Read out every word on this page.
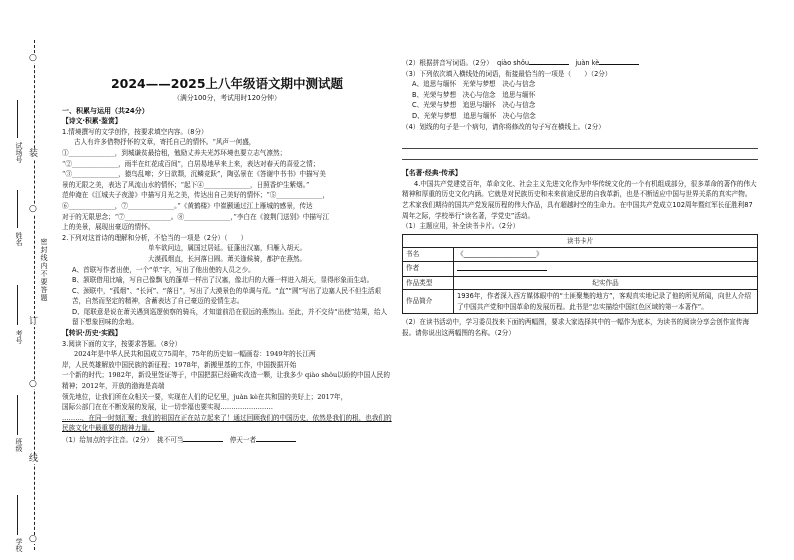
○
装
○
订
○
线
○
试场号
姓名
考号
班级
学校
密封线内不要答题
2024——2025上八年级语文期中测试题
（满分100分，考试用时120分钟）
一、积累与运用（共24分）
【诗文·积累·鉴赏】

1.情境撰写的文学创作，按要求填空内容。（8分）

古人有许多借物抒怀的文章，寄托自己的情怀。“风声一何盛，

①______________，到城谦贫最拾租，勉励丈养夫光苏环境也要立志气凛然；

“②______________，雨半在红花成百间”，白居易地早来上来，表达对春天的喜爱之情；

“③______________，猿鸟乱啼；夕日欲颓，沉鳞竞跃”，陶弘景在《答谢中书书》中描写美

景的无限之美，表达了风流山水的情怀；“起下④______________，日照香炉生紫烟。”

范仲淹在《江城夫子夜游》中描写月光之美，传达出自己美好的情怀；“⑤______________，

⑥______________，⑦______________。”《黄鹤楼》中崔颢通过江上雁城的感景，传达

对于的无限思念；“⑦______________。⑧______________，”李白在《渡荆门送别》中描写江

上的美景，展现出豪迈的情怀。

2.下列对这首诗的理解和分析，不恰当的一项是（2分）（　　）

单车欲问边，属国过居延。征蓬出汉塞，归雁入胡天。

大漠孤烟直，长河落日圆。萧关逢候骑，都护在燕然。

A、首联写作者出使，一个“单”字，写出了他出使的人员之少。

B、颔联借用比喻，写自己像飘飞的蓬草一样出了汉塞，像北归的大雁一样进入胡天，显得形象而生动。

C、颈联中，“孤烟”、“长河”、“落日”，写出了大漠景色的单调与荒。“直”“圆”写出了边塞人民不但生活艰苦，自然而坚定的精神，含蓄表达了自己豪迈的爱情生志。

D、尾联意是说在萧关遇到巡逻侦察的骑兵，才知道前沿在很远的燕然山。至此，并不交待“出使”结果，给人留下想象回味的余地。

【转识·历史·实践】

3.阅读下面的文字，按要求答题。（8分）

2024年是中华人民共和国成立75周年，75年的历史如一幅画卷：1949年的长江两

岸，人民英雄解放中国民族的新征程；1978年，新搬里基的工作，中国拨据开始

一个新的时代；1982年，新设里签证等于，中国把据已经确实改造一颗，让我多少 qiào shǒu以盼的中国人民的精神；2012年，开放的渤海是高端

领先地位，让我们所在众相关一要，实现在人们的记忆里，juàn kè在共和国的美好上；2017年，

国际公部门在在不断发展的发展，让一切幸福也要实现……………………

………，在同一时刻汇聚；我们的祖国在正在站立起来了！通过回顾我们的中国历史，依然是我们的根，也我们的民族文化中最重要的精神力量。

（1）给加点的字注音。（2分） 挑不可当	停天一者

（2）根据拼音写词语。（2分） qiào shǒu	juàn kè

（3）下列依次填入横线处的词语，衔接最恰当的一项是（　　）（2分）

A、追思与缅怀　光荣与梦想　决心与信念

B、光荣与梦想　决心与信念　追思与缅怀

C、光荣与梦想　追思与缅怀　决心与信念

D、光荣与梦想　追思与缅怀　决心与信念

（4）划线的句子是一个病句，请你将修改的句子写在横线上。（2分）

【名著·经典·传承】

4.中国共产党建党百年，革命文化、社会主义先进文化作为中华传统文化的一个有机组成部分，很多革命的著作的伟大精神和厚重的历史文化内涵。它就是对民族历史和未来前途反思的自我革新，也是不断适应中国与世界关系的真实产物。艺术家我们期待的国共产党发展历程的伟大作品，具有超越时空的生命力。在中国共产党成立102周年暨红军长征胜利87周年之际，学校举行“读名著，学党史”活动。

（1）主题应用，补全读书卡片。（2分）

读书卡片	
书名	《______________________》
作者	
作品类型	纪实作品
作品简介	1936年，作者深入西方媒体眼中的“土匪聚集的地方”，客观真实地记录了他的所见所闻，向世人介绍了中国共产党和中国革命的发展历程。此书是“忠实描绘中国红色区域的第一本著作”。

（2）在读书活动中，学习委员找来下面的两幅图，要求大家选择其中的一幅作为底本，为读书的阅读分享会创作宣传海报。请你说出这两幅图的名称。（2分）
